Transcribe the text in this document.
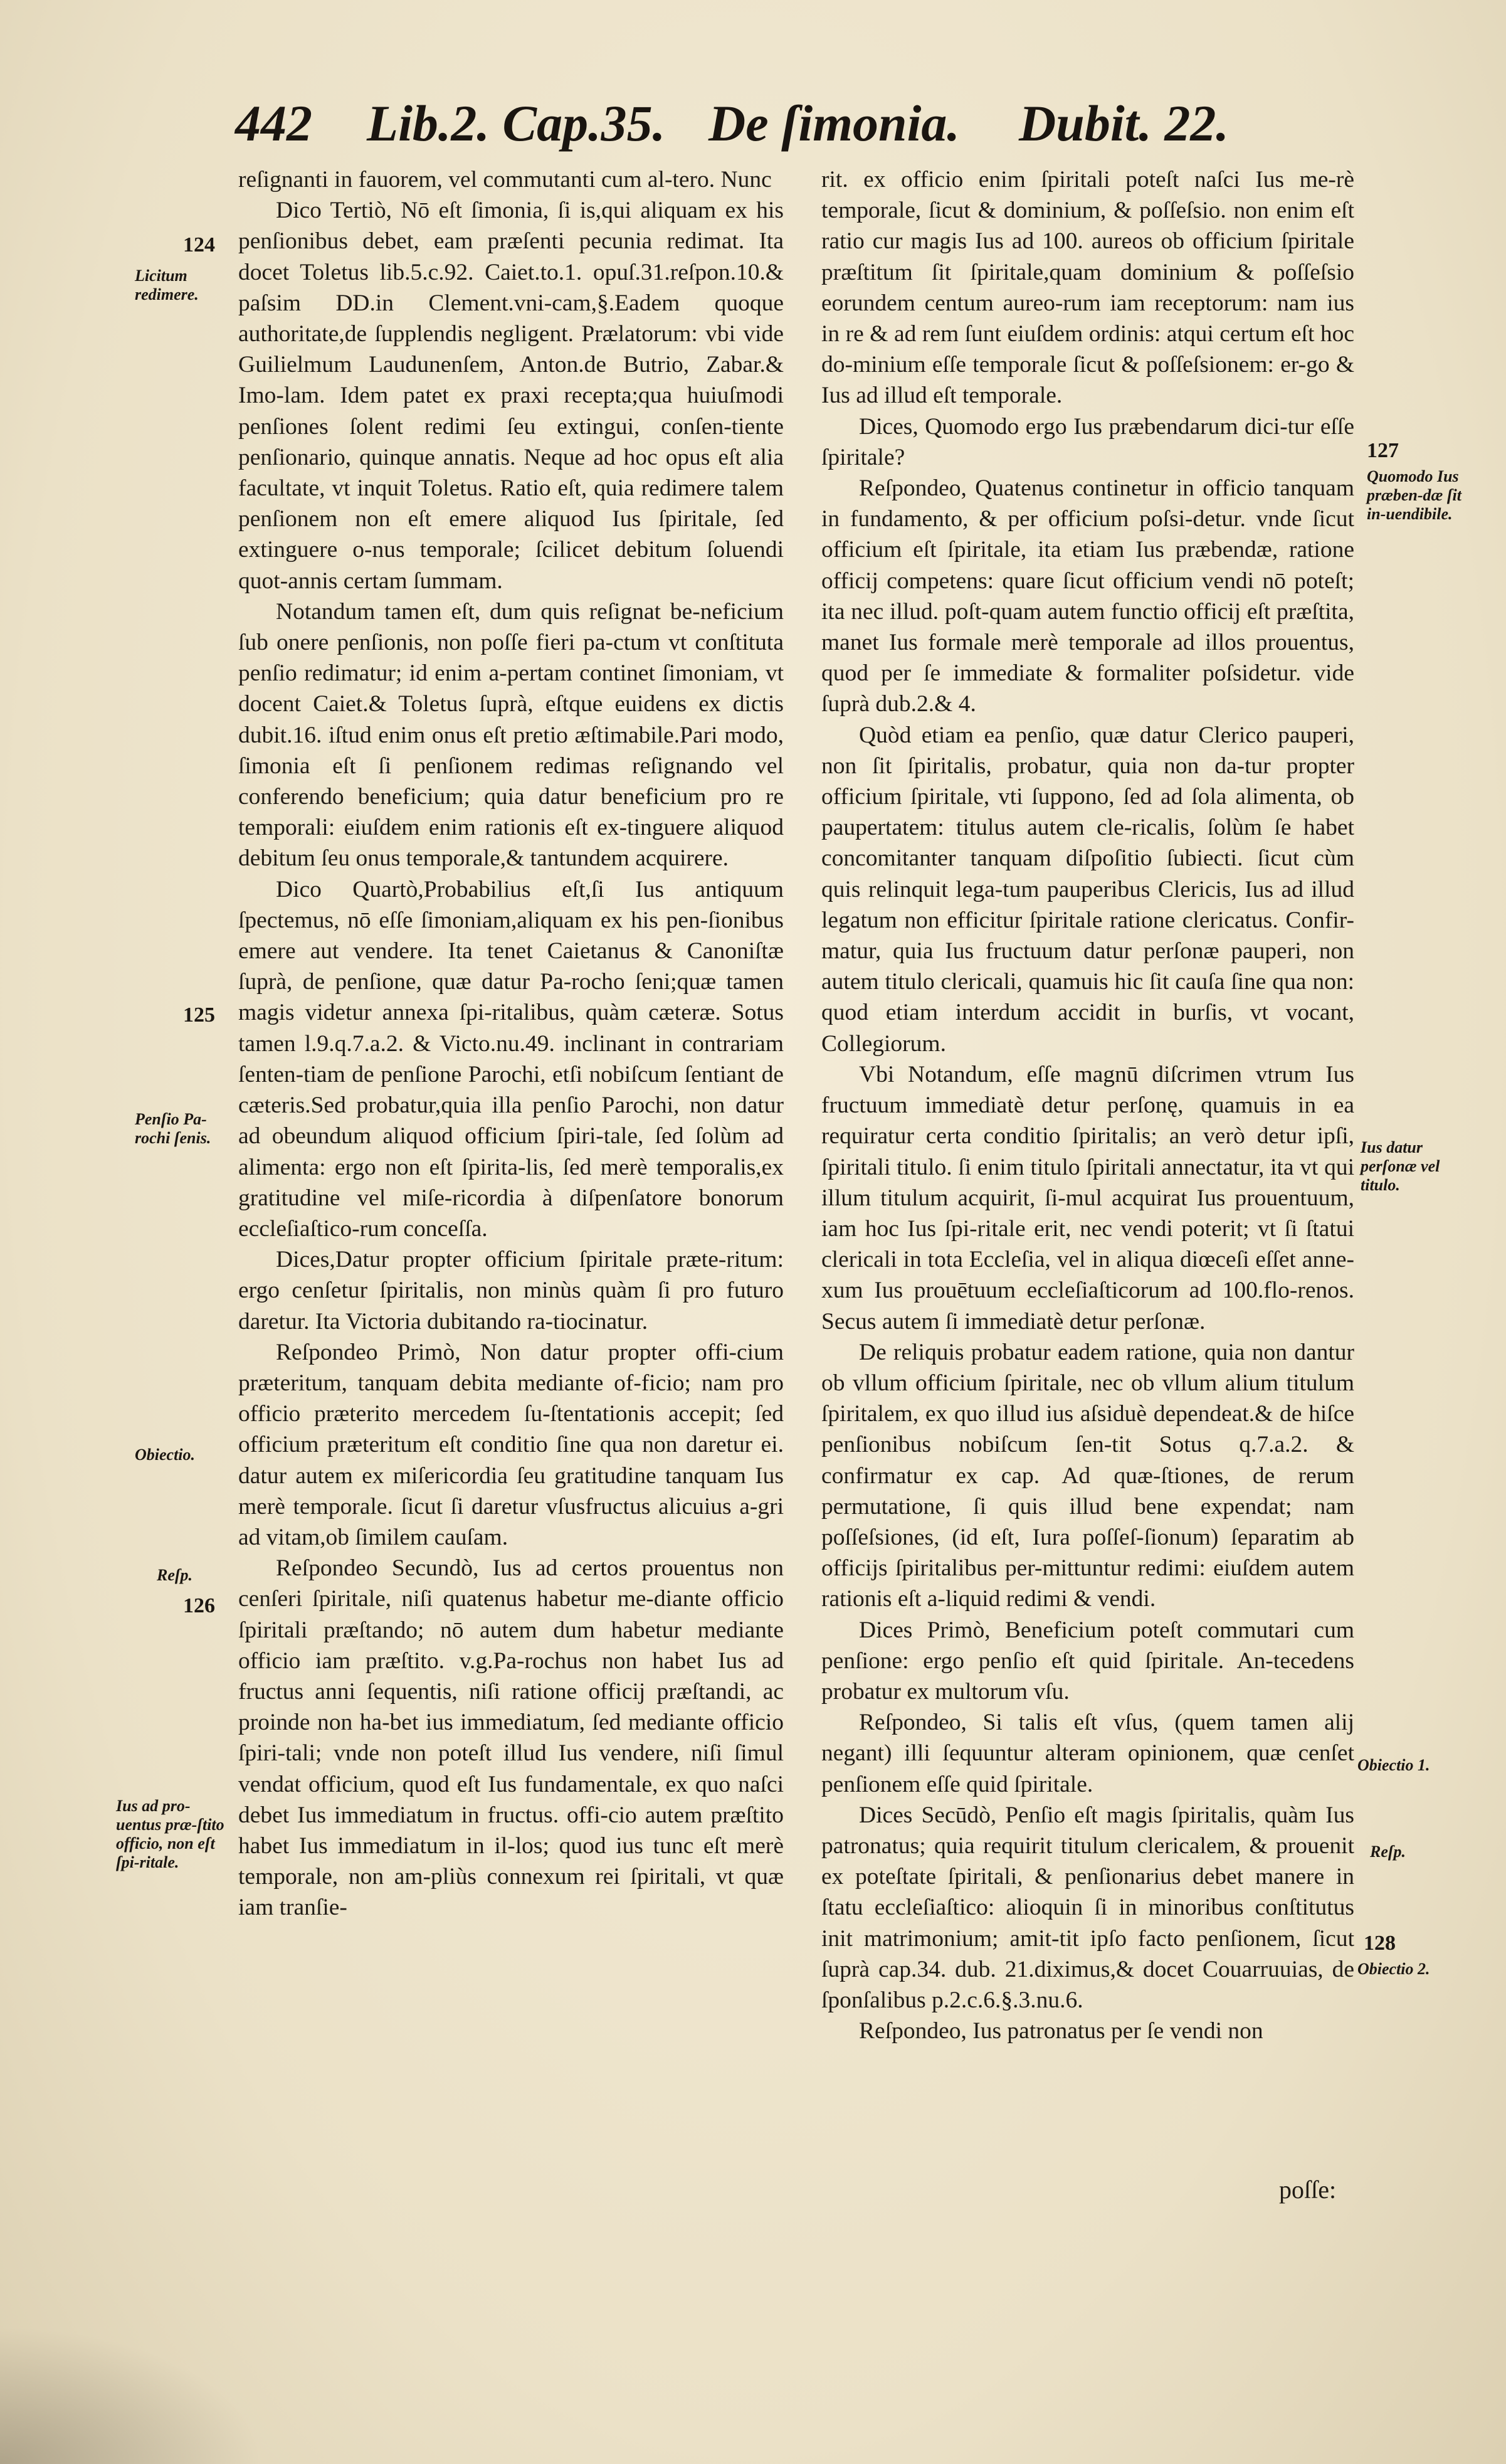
442 Lib.2. Cap.35. De ſimonia. Dubit. 22.

reſignanti in fauorem, vel commutanti cum al-tero. Nunc

Dico Tertiò, Nō eſt ſimonia, ſi is,qui aliquam ex his penſionibus debet, eam præſenti pecunia redimat. Ita docet Toletus lib.5.c.92. Caiet.to.1. opuſ.31.reſpon.10.& paſsim DD.in Clement.vni-cam,§.Eadem quoque authoritate,de ſupplendis negligent. Prælatorum: vbi vide Guilielmum Laudunenſem, Anton.de Butrio, Zabar.& Imo-lam. Idem patet ex praxi recepta;qua huiuſmodi penſiones ſolent redimi ſeu extingui, conſen-tiente penſionario, quinque annatis. Neque ad hoc opus eſt alia facultate, vt inquit Toletus. Ratio eſt, quia redimere talem penſionem non eſt emere aliquod Ius ſpiritale, ſed extinguere o-nus temporale; ſcilicet debitum ſoluendi quot-annis certam ſummam.

Notandum tamen eſt, dum quis reſignat be-neficium ſub onere penſionis, non poſſe fieri pa-ctum vt conſtituta penſio redimatur; id enim a-pertam continet ſimoniam, vt docent Caiet.& Toletus ſuprà, eſtque euidens ex dictis dubit.16. iſtud enim onus eſt pretio æſtimabile.Pari modo, ſimonia eſt ſi penſionem redimas reſignando vel conferendo beneficium; quia datur beneficium pro re temporali: eiuſdem enim rationis eſt ex-tinguere aliquod debitum ſeu onus temporale,& tantundem acquirere.

Dico Quartò,Probabilius eſt,ſi Ius antiquum ſpectemus, nō eſſe ſimoniam,aliquam ex his pen-ſionibus emere aut vendere. Ita tenet Caietanus & Canoniſtæ ſuprà, de penſione, quæ datur Pa-rocho ſeni;quæ tamen magis videtur annexa ſpi-ritalibus, quàm cæteræ. Sotus tamen l.9.q.7.a.2. & Victo.nu.49. inclinant in contrariam ſenten-tiam de penſione Parochi, etſi nobiſcum ſentiant de cæteris.Sed probatur,quia illa penſio Parochi, non datur ad obeundum aliquod officium ſpiri-tale, ſed ſolùm ad alimenta: ergo non eſt ſpirita-lis, ſed merè temporalis,ex gratitudine vel miſe-ricordia à diſpenſatore bonorum eccleſiaſtico-rum conceſſa.

Dices,Datur propter officium ſpiritale præte-ritum: ergo cenſetur ſpiritalis, non minùs quàm ſi pro futuro daretur. Ita Victoria dubitando ra-tiocinatur.

Reſpondeo Primò, Non datur propter offi-cium præteritum, tanquam debita mediante of-ficio; nam pro officio præterito mercedem ſu-ſtentationis accepit; ſed officium præteritum eſt conditio ſine qua non daretur ei. datur autem ex miſericordia ſeu gratitudine tanquam Ius merè temporale. ſicut ſi daretur vſusfructus alicuius a-gri ad vitam,ob ſimilem cauſam.

Reſpondeo Secundò, Ius ad certos prouentus non cenſeri ſpiritale, niſi quatenus habetur me-diante officio ſpiritali præſtando; nō autem dum habetur mediante officio iam præſtito. v.g.Pa-rochus non habet Ius ad fructus anni ſequentis, niſi ratione officij præſtandi, ac proinde non ha-bet ius immediatum, ſed mediante officio ſpiri-tali; vnde non poteſt illud Ius vendere, niſi ſimul vendat officium, quod eſt Ius fundamentale, ex quo naſci debet Ius immediatum in fructus. offi-cio autem præſtito habet Ius immediatum in il-los; quod ius tunc eſt merè temporale, non am-pliùs connexum rei ſpiritali, vt quæ iam tranſie-

rit. ex officio enim ſpiritali poteſt naſci Ius me-rè temporale, ſicut & dominium, & poſſeſsio. non enim eſt ratio cur magis Ius ad 100. aureos ob officium ſpiritale præſtitum ſit ſpiritale,quam dominium & poſſeſsio eorundem centum aureo-rum iam receptorum: nam ius in re & ad rem ſunt eiuſdem ordinis: atqui certum eſt hoc do-minium eſſe temporale ſicut & poſſeſsionem: er-go & Ius ad illud eſt temporale.

Dices, Quomodo ergo Ius præbendarum dici-tur eſſe ſpiritale?

Reſpondeo, Quatenus continetur in officio tanquam in fundamento, & per officium poſsi-detur. vnde ſicut officium eſt ſpiritale, ita etiam Ius præbendæ, ratione officij competens: quare ſicut officium vendi nō poteſt; ita nec illud. poſt-quam autem functio officij eſt præſtita, manet Ius formale merè temporale ad illos prouentus, quod per ſe immediate & formaliter poſsidetur. vide ſuprà dub.2.& 4.

Quòd etiam ea penſio, quæ datur Clerico pauperi, non ſit ſpiritalis, probatur, quia non da-tur propter officium ſpiritale, vti ſuppono, ſed ad ſola alimenta, ob paupertatem: titulus autem cle-ricalis, ſolùm ſe habet concomitanter tanquam diſpoſitio ſubiecti. ſicut cùm quis relinquit lega-tum pauperibus Clericis, Ius ad illud legatum non efficitur ſpiritale ratione clericatus. Confir-matur, quia Ius fructuum datur perſonæ pauperi, non autem titulo clericali, quamuis hic ſit cauſa ſine qua non: quod etiam interdum accidit in burſis, vt vocant, Collegiorum.

Vbi Notandum, eſſe magnū diſcrimen vtrum Ius fructuum immediatè detur perſonę, quamuis in ea requiratur certa conditio ſpiritalis; an verò detur ipſi, ſpiritali titulo. ſi enim titulo ſpiritali annectatur, ita vt qui illum titulum acquirit, ſi-mul acquirat Ius prouentuum, iam hoc Ius ſpi-ritale erit, nec vendi poterit; vt ſi ſtatui clericali in tota Eccleſia, vel in aliqua diœceſi eſſet anne-xum Ius prouētuum eccleſiaſticorum ad 100.flo-renos. Secus autem ſi immediatè detur perſonæ.

De reliquis probatur eadem ratione, quia non dantur ob vllum officium ſpiritale, nec ob vllum alium titulum ſpiritalem, ex quo illud ius aſsiduè dependeat.& de hiſce penſionibus nobiſcum ſen-tit Sotus q.7.a.2. & confirmatur ex cap. Ad quæ-ſtiones, de rerum permutatione, ſi quis illud bene expendat; nam poſſeſsiones, (id eſt, Iura poſſeſ-ſionum) ſeparatim ab officijs ſpiritalibus per-mittuntur redimi: eiuſdem autem rationis eſt a-liquid redimi & vendi.

Dices Primò, Beneficium poteſt commutari cum penſione: ergo penſio eſt quid ſpiritale. An-tecedens probatur ex multorum vſu.

Reſpondeo, Si talis eſt vſus, (quem tamen alij negant) illi ſequuntur alteram opinionem, quæ cenſet penſionem eſſe quid ſpiritale.

Dices Secūdò, Penſio eſt magis ſpiritalis, quàm Ius patronatus; quia requirit titulum clericalem, & prouenit ex poteſtate ſpiritali, & penſionarius debet manere in ſtatu eccleſiaſtico: alioquin ſi in minoribus conſtitutus init matrimonium; amit-tit ipſo facto penſionem, ſicut ſuprà cap.34. dub. 21.diximus,& docet Couarruuias, de ſponſalibus p.2.c.6.§.3.nu.6.

Reſpondeo, Ius patronatus per ſe vendi non

124
Licitum redimere.
125
Penſio Pa-rochi ſenis.
Obiectio.
Reſp.
126
Ius ad pro-uentus præ-ſtito officio, non eſt ſpi-ritale.
127
Quomodo Ius præben-dæ ſit in-uendibile.
Ius datur perſonæ vel titulo.
Obiectio 1.
Reſp.
128
Obiectio 2.
poſſe:
